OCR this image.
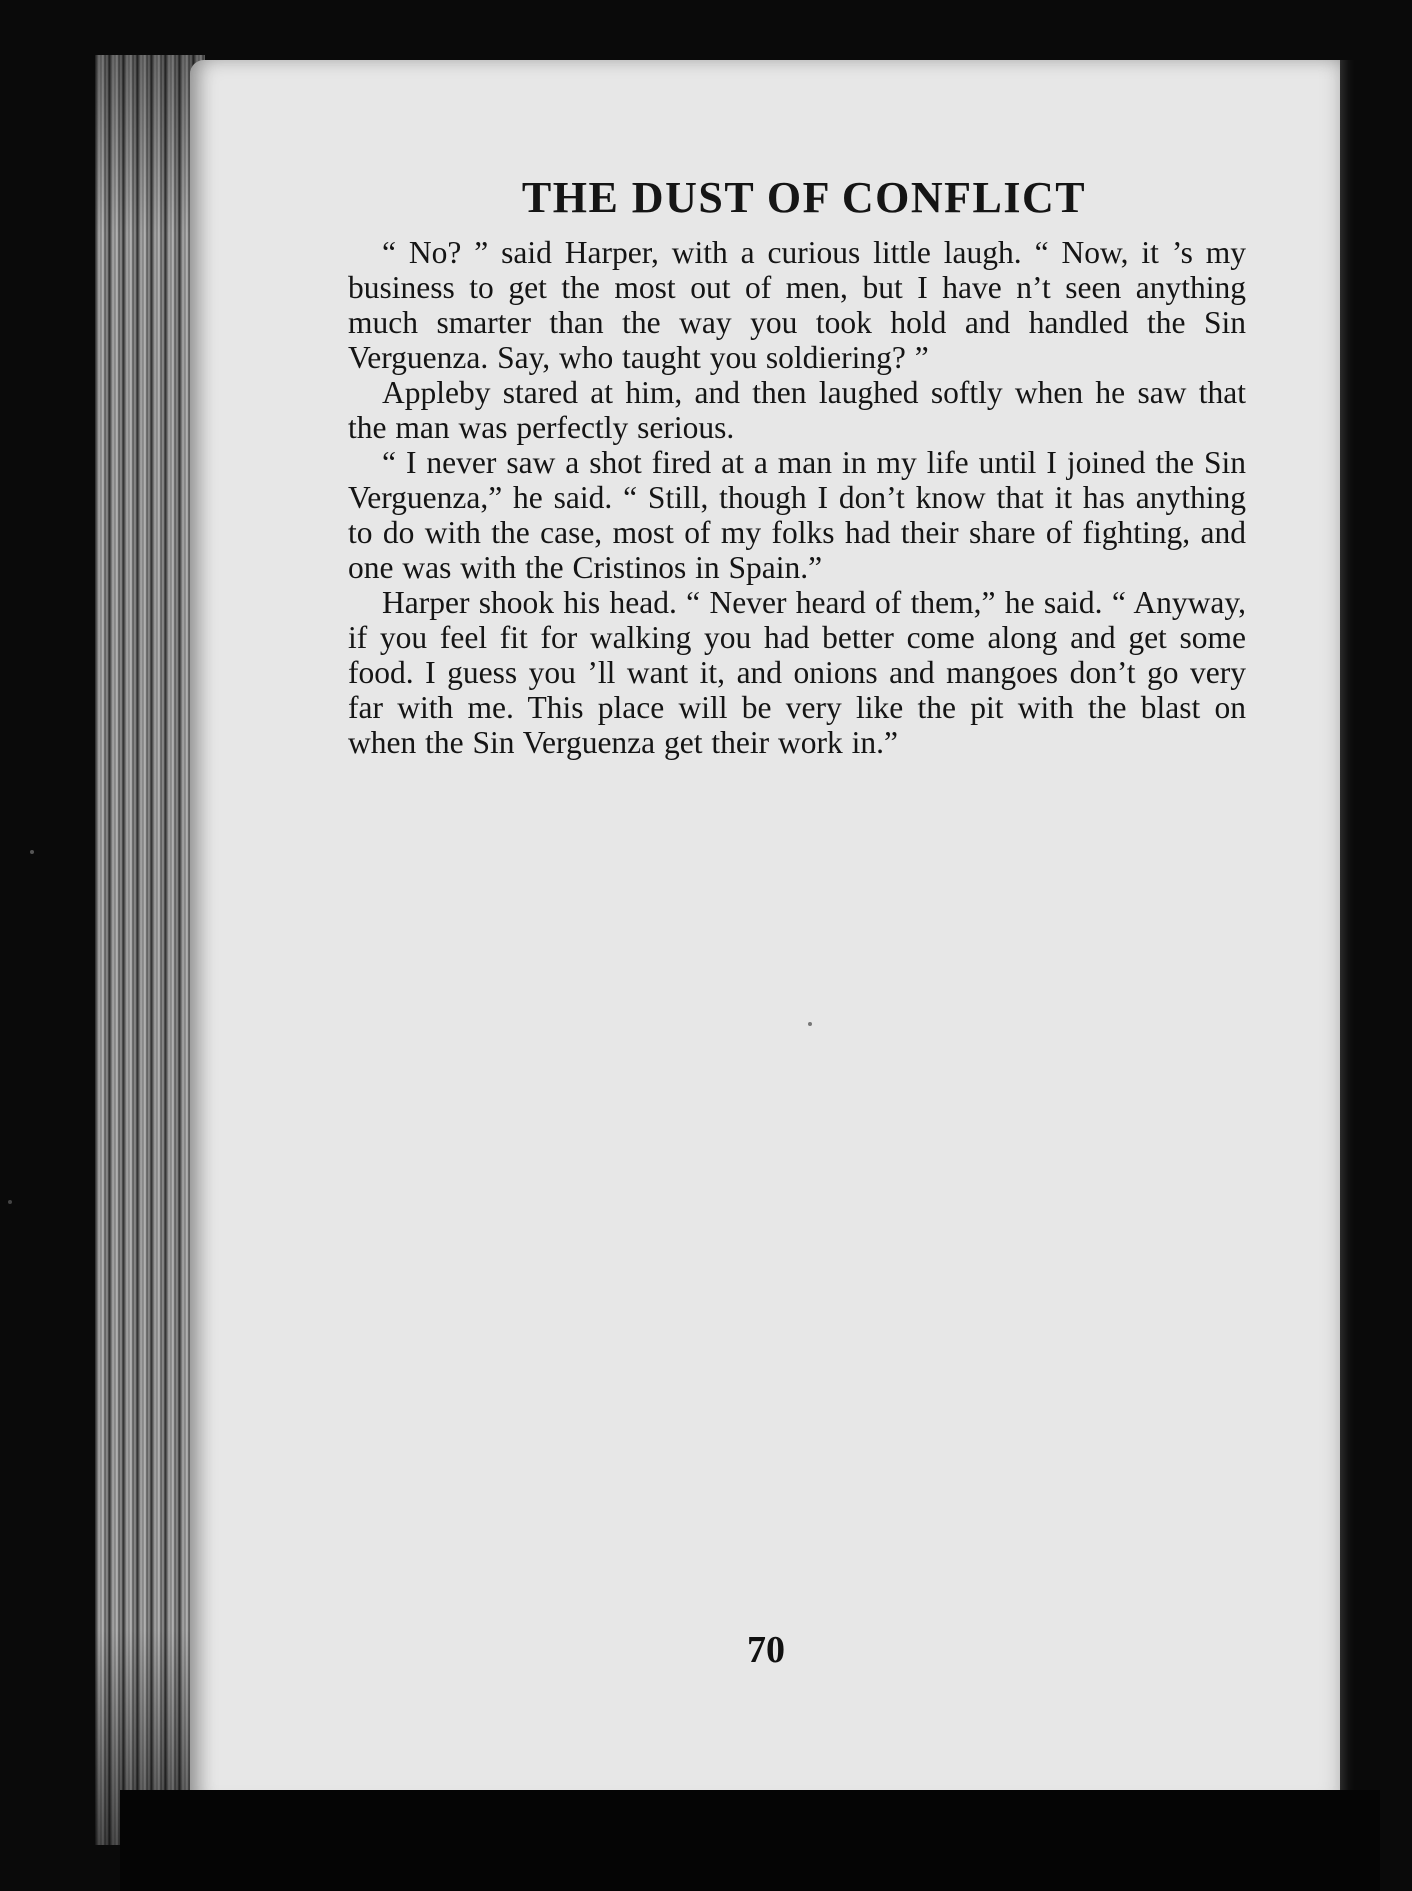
THE DUST OF CONFLICT

“ No? ” said Harper, with a curious little laugh. “ Now, it ’s my business to get the most out of men, but I have n’t seen anything much smarter than the way you took hold and handled the Sin Verguenza. Say, who taught you soldiering? ”

Appleby stared at him, and then laughed softly when he saw that the man was perfectly serious.

“ I never saw a shot fired at a man in my life until I joined the Sin Verguenza,” he said. “ Still, though I don’t know that it has anything to do with the case, most of my folks had their share of fighting, and one was with the Cristinos in Spain.”

Harper shook his head. “ Never heard of them,” he said. “ Anyway, if you feel fit for walking you had better come along and get some food. I guess you ’ll want it, and onions and mangoes don’t go very far with me. This place will be very like the pit with the blast on when the Sin Verguenza get their work in.”

70
